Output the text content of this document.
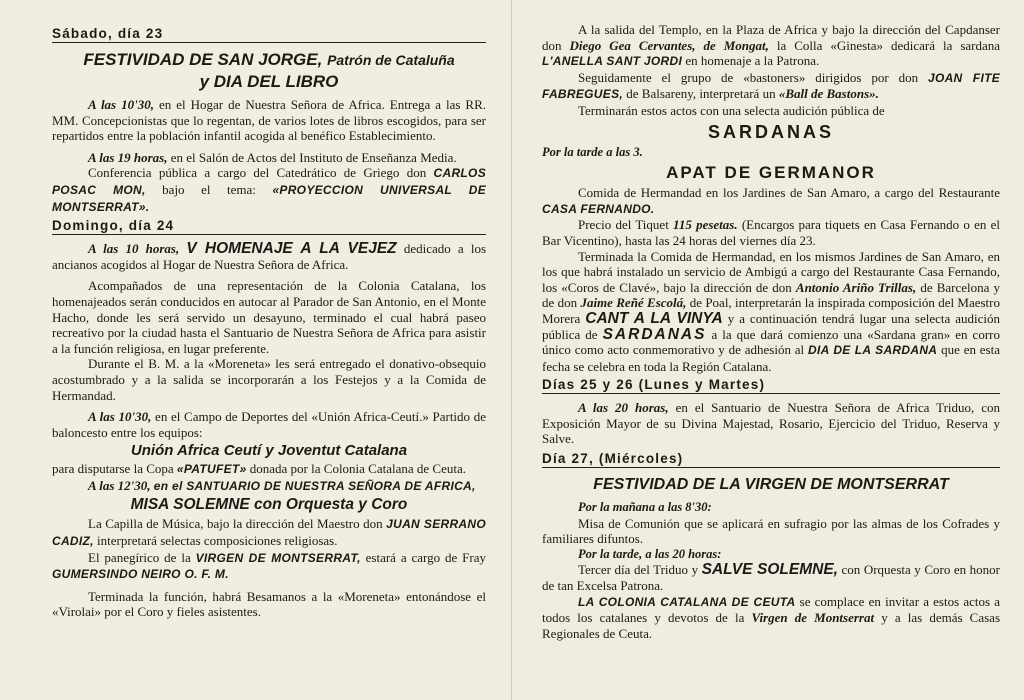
Sábado, día 23
FESTIVIDAD DE SAN JORGE, Patrón de Cataluña
y DIA DEL LIBRO

A las 10'30, en el Hogar de Nuestra Señora de Africa. Entrega a las RR. MM. Concepcionistas que lo regentan, de varios lotes de libros escogidos, para ser repartidos entre la población infantil acogida al benéfico Establecimiento.

A las 19 horas, en el Salón de Actos del Instituto de Enseñanza Media.

Conferencia pública a cargo del Catedrático de Griego don CARLOS POSAC MON, bajo el tema: «PROYECCION UNIVERSAL DE MONTSERRAT».

Domingo, día 24

A las 10 horas, V HOMENAJE A LA VEJEZ dedicado a los ancianos acogidos al Hogar de Nuestra Señora de Africa.

Acompañados de una representación de la Colonia Catalana, los homenajeados serán conducidos en autocar al Parador de San Antonio, en el Monte Hacho, donde les será servido un desayuno, terminado el cual habrá paseo recreativo por la ciudad hasta el Santuario de Nuestra Señora de Africa para asistir a la función religiosa, en lugar preferente.

Durante el B. M. a la «Moreneta» les será entregado el donativo-obsequio acostumbrado y a la salida se incorporarán a los Festejos y a la Comida de Hermandad.

A las 10'30, en el Campo de Deportes del «Unión Africa-Ceutí.» Partido de baloncesto entre los equipos:

Unión Africa Ceutí y Joventut Catalana

para disputarse la Copa «PATUFET» donada por la Colonia Catalana de Ceuta.

A las 12'30, en el SANTUARIO DE NUESTRA SEÑORA DE AFRICA,

MISA SOLEMNE con Orquesta y Coro

La Capilla de Música, bajo la dirección del Maestro don JUAN SERRANO CADIZ, interpretará selectas composiciones religiosas.

El panegírico de la VIRGEN DE MONTSERRAT, estará a cargo de Fray GUMERSINDO NEIRO O. F. M.

Terminada la función, habrá Besamanos a la «Moreneta» entonándose el «Virolai» por el Coro y fieles asistentes.

A la salida del Templo, en la Plaza de Africa y bajo la dirección del Capdanser don Diego Gea Cervantes, de Mongat, la Colla «Ginesta» dedicará la sardana L'ANELLA SANT JORDI en homenaje a la Patrona.

Seguidamente el grupo de «bastoners» dirigidos por don JOAN FITE FABREGUES, de Balsareny, interpretará un «Ball de Bastons».

Terminarán estos actos con una selecta audición pública de

SARDANAS

Por la tarde a las 3.

APAT DE GERMANOR

Comida de Hermandad en los Jardines de San Amaro, a cargo del Restaurante CASA FERNANDO.

Precio del Tiquet 115 pesetas. (Encargos para tiquets en Casa Fernando o en el Bar Vicentino), hasta las 24 horas del viernes día 23.

Terminada la Comida de Hermandad, en los mismos Jardines de San Amaro, en los que habrá instalado un servicio de Ambigú a cargo del Restaurante Casa Fernando, los «Coros de Clavé», bajo la dirección de don Antonio Ariño Trillas, de Barcelona y de don Jaime Reñé Escolá, de Poal, interpretarán la inspirada composición del Maestro Morera CANT A LA VINYA y a continuación tendrá lugar una selecta audición pública de SARDANAS a la que dará comienzo una «Sardana gran» en corro único como acto conmemorativo y de adhesión al DIA DE LA SARDANA que en esta fecha se celebra en toda la Región Catalana.

Días 25 y 26 (Lunes y Martes)

A las 20 horas, en el Santuario de Nuestra Señora de Africa Triduo, con Exposición Mayor de su Divina Majestad, Rosario, Ejercicio del Triduo, Reserva y Salve.

Día 27, (Miércoles)
FESTIVIDAD DE LA VIRGEN DE MONTSERRAT

Por la mañana a las 8'30:

Misa de Comunión que se aplicará en sufragio por las almas de los Cofrades y familiares difuntos.

Por la tarde, a las 20 horas:

Tercer día del Triduo y SALVE SOLEMNE, con Orquesta y Coro en honor de tan Excelsa Patrona.

LA COLONIA CATALANA DE CEUTA se complace en invitar a estos actos a todos los catalanes y devotos de la Virgen de Montserrat y a las demás Casas Regionales de Ceuta.
